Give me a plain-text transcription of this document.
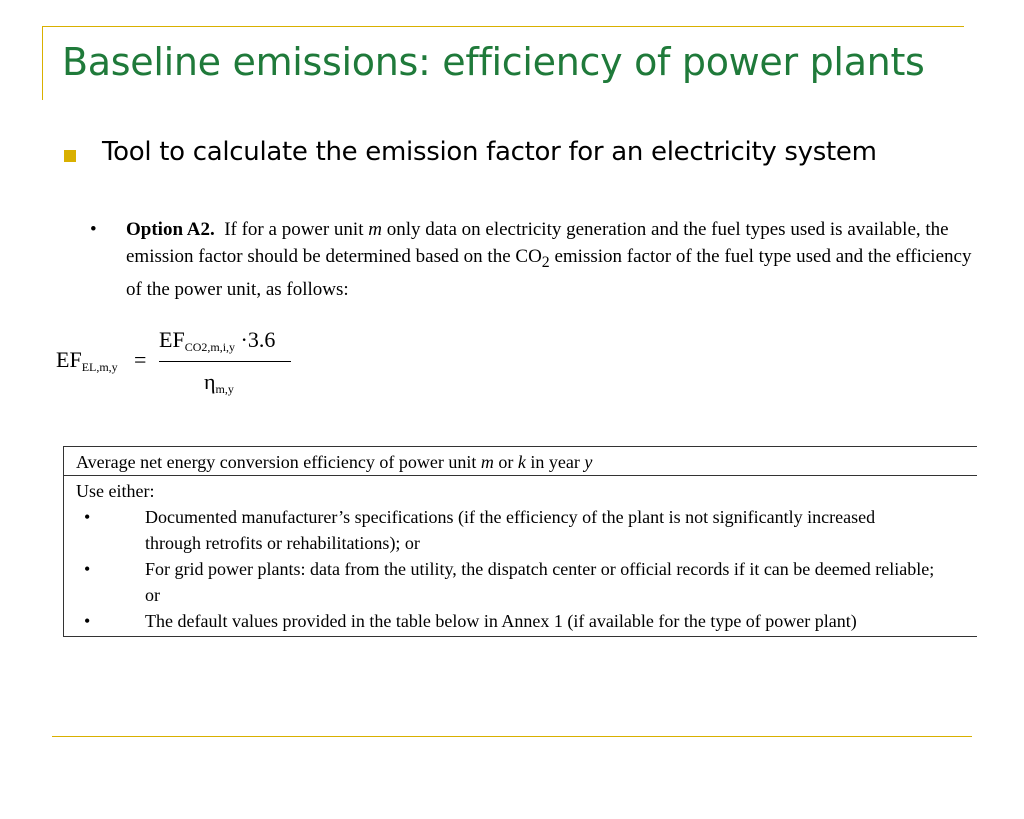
Baseline emissions: efficiency of power plants
Tool to calculate the emission factor for an electricity system
•	Option A2. If for a power unit m only data on electricity generation and the fuel types used is available, the emission factor should be determined based on the $CO_2$ emission factor of the fuel type used and the efficiency of the power unit, as follows:
$EF_{EL,m,y}$ =
$EF_{CO2,m,i,y} \cdot 3.6$
$\eta_{m,y}$
Average net energy conversion efficiency of power unit m or k in year y
Use either:
•	Documented manufacturer’s specifications (if the efficiency of the plant is not significantly increased through retrofits or rehabilitations); or
•	For grid power plants: data from the utility, the dispatch center or official records if it can be deemed reliable; or
•	The default values provided in the table below in Annex 1 (if available for the type of power plant)
